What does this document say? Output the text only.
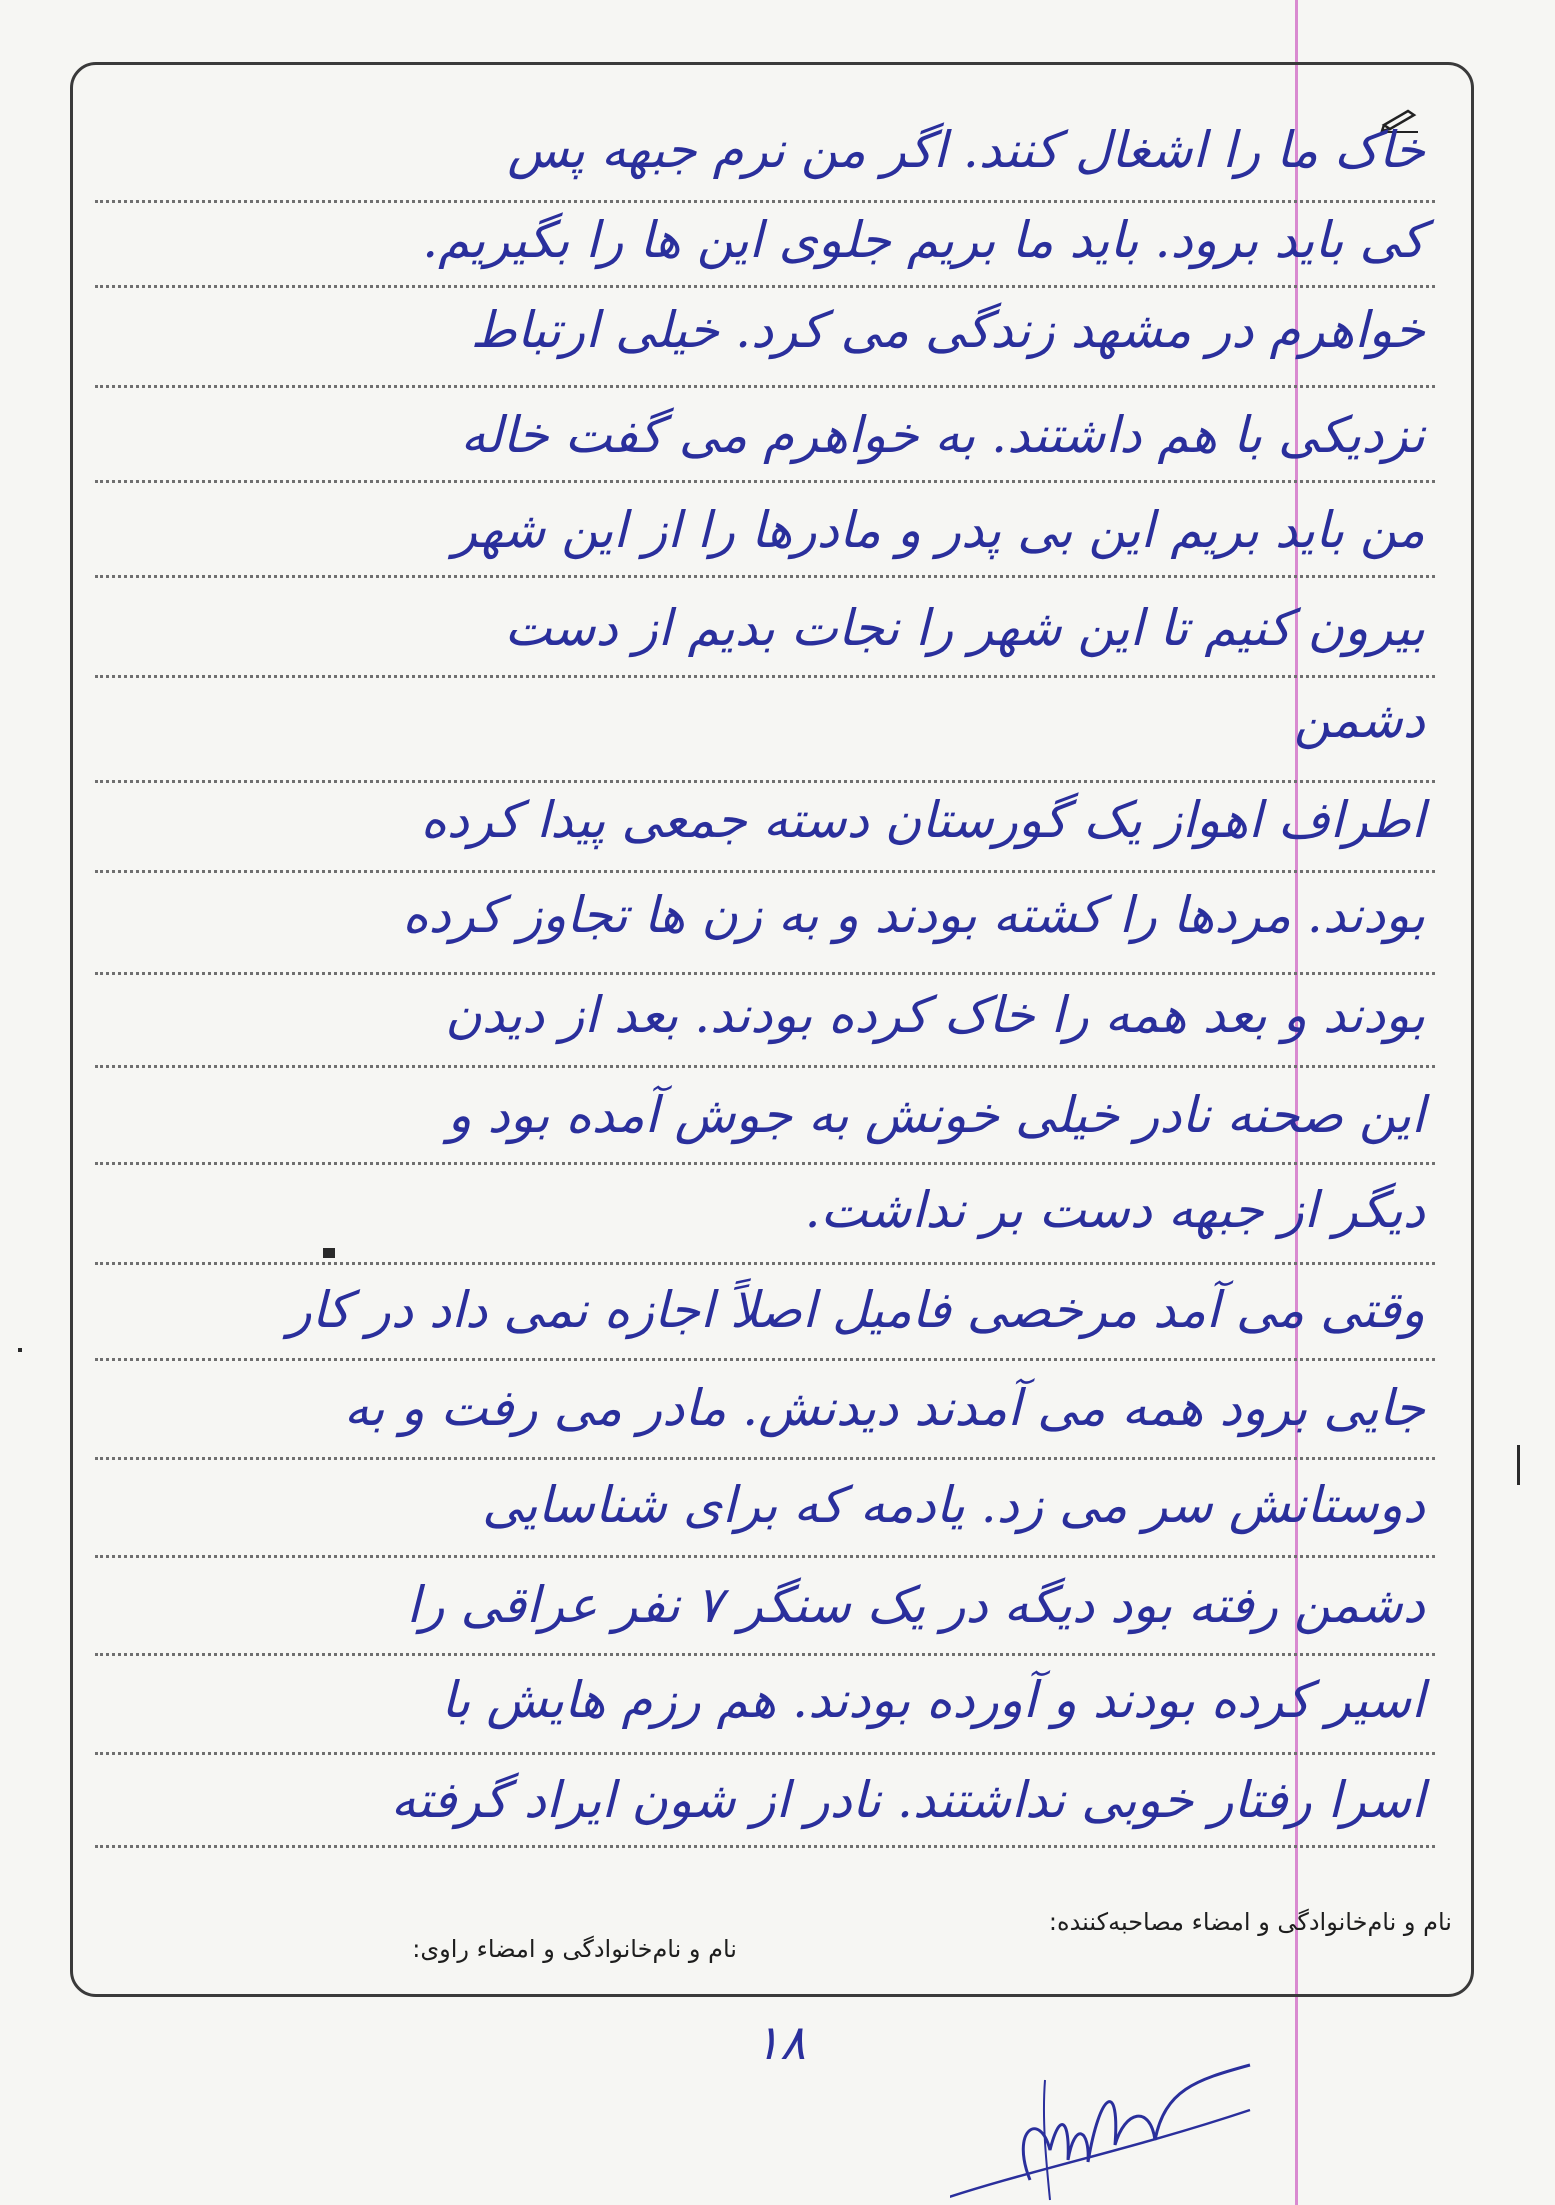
خاک ما را اشغال کنند. اگر من نرم جبهه پس
کی باید برود. باید ما بریم جلوی این ها را بگیریم.
خواهرم در مشهد زندگی می کرد. خیلی ارتباط
نزدیکی با هم داشتند. به خواهرم می گفت خاله
من باید بریم این بی پدر و مادرها را از این شهر
بیرون کنیم تا این شهر را نجات بدیم از دست
دشمن
اطراف اهواز یک گورستان دسته جمعی پیدا کرده
بودند. مردها را کشته بودند و به زن ها تجاوز کرده
بودند و بعد همه را خاک کرده بودند. بعد از دیدن
این صحنه نادر خیلی خونش به جوش آمده بود و
دیگر از جبهه دست بر نداشت.
وقتی می آمد مرخصی فامیل اصلاً اجازه نمی داد در کار
جایی برود همه می آمدند دیدنش. مادر می رفت و به
دوستانش سر می زد. یادمه که برای شناسایی
دشمن رفته بود دیگه در یک سنگر ۷ نفر عراقی را
اسیر کرده بودند و آورده بودند. هم رزم هایش با
اسرا رفتار خوبی نداشتند. نادر از شون ایراد گرفته
نام و نام‌خانوادگی و امضاء مصاحبه‌کننده:
نام و نام‌خانوادگی و امضاء راوی:
۱۸
